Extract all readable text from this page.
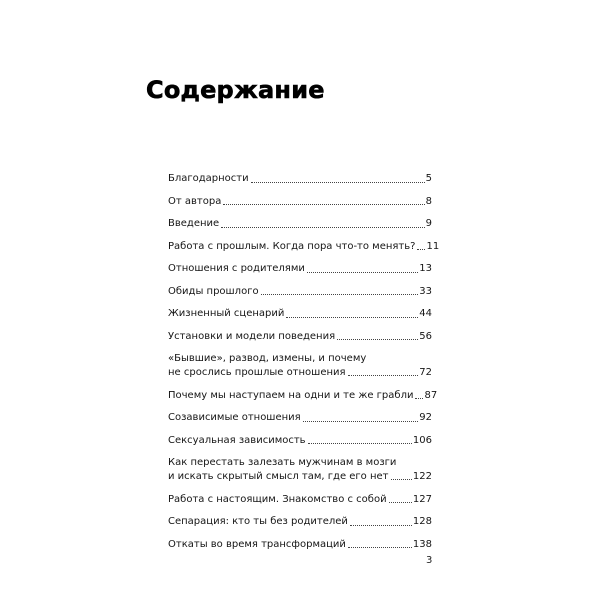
Содержание
Благодарности	5
От автора	8
Введение	9
Работа с прошлым. Когда пора что-то менять? 11
Отношения с родителями	13
Обиды прошлого	33
Жизненный сценарий	44
Установки и модели поведения	56
«Бывшие», развод, измены, и почему
не срослись прошлые отношения	72
Почему мы наступаем на одни и те же грабли 87
Созависимые отношения	92
Сексуальная зависимость	106
Как перестать залезать мужчинам в мозги
и искать скрытый смысл там, где его нет 122
Работа с настоящим. Знакомство с собой	127
Сепарация: кто ты без родителей	128
Откаты во время трансформаций	138
3
